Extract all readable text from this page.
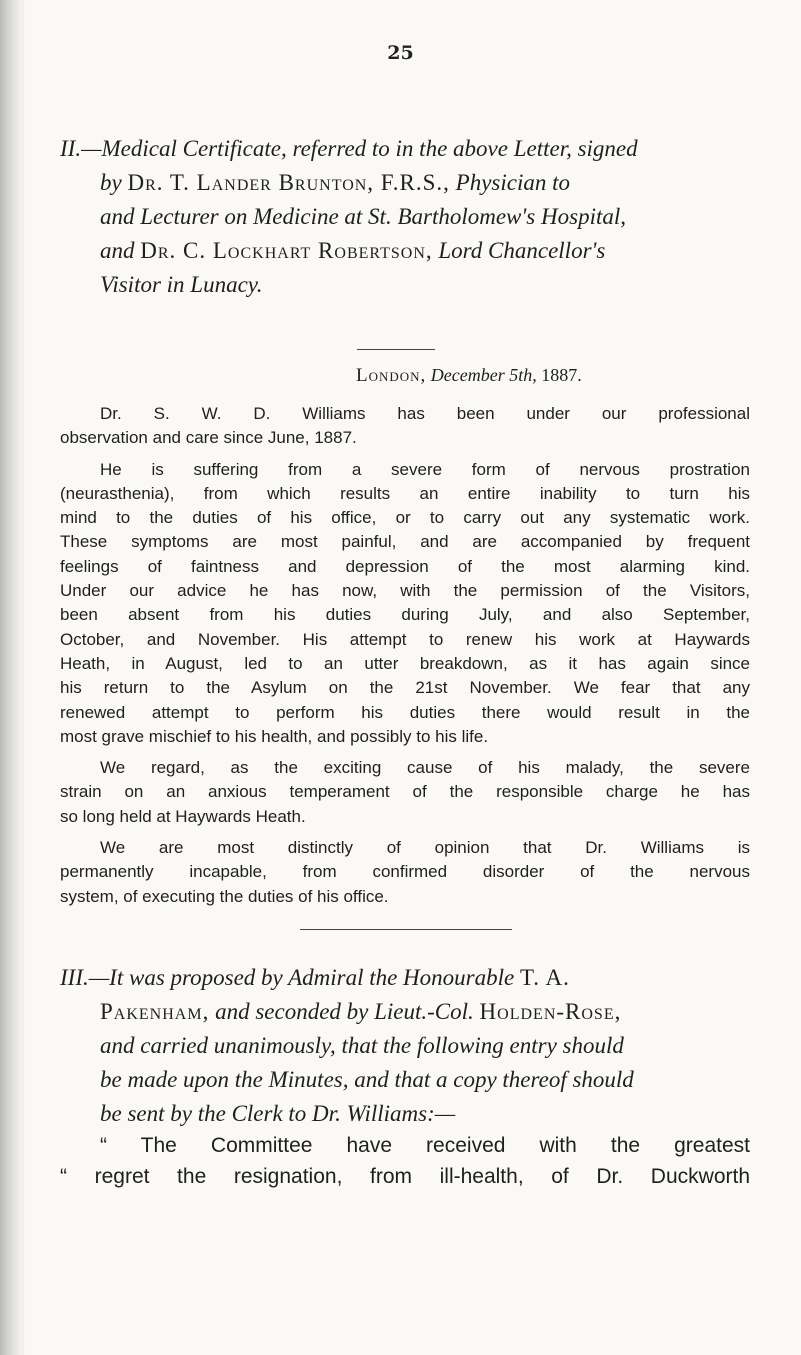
25
II.—Medical Certificate, referred to in the above Letter, signed
by Dr. T. Lander Brunton, F.R.S., Physician to
and Lecturer on Medicine at St. Bartholomew's Hospital,
and Dr. C. Lockhart Robertson, Lord Chancellor's
Visitor in Lunacy.
London, December 5th, 1887.
Dr. S. W. D. Williams has been under our professional
observation and care since June, 1887.
He is suffering from a severe form of nervous prostration
(neurasthenia), from which results an entire inability to turn his
mind to the duties of his office, or to carry out any systematic work.
These symptoms are most painful, and are accompanied by frequent
feelings of faintness and depression of the most alarming kind.
Under our advice he has now, with the permission of the Visitors,
been absent from his duties during July, and also September,
October, and November. His attempt to renew his work at Haywards
Heath, in August, led to an utter breakdown, as it has again since
his return to the Asylum on the 21st November. We fear that any
renewed attempt to perform his duties there would result in the
most grave mischief to his health, and possibly to his life.
We regard, as the exciting cause of his malady, the severe
strain on an anxious temperament of the responsible charge he has
so long held at Haywards Heath.
We are most distinctly of opinion that Dr. Williams is
permanently incapable, from confirmed disorder of the nervous
system, of executing the duties of his office.
III.—It was proposed by Admiral the Honourable T. A.
Pakenham, and seconded by Lieut.-Col. Holden-Rose,
and carried unanimously, that the following entry should
be made upon the Minutes, and that a copy thereof should
be sent by the Clerk to Dr. Williams:—
“ The Committee have received with the greatest
“ regret the resignation, from ill-health, of Dr. Duckworth
